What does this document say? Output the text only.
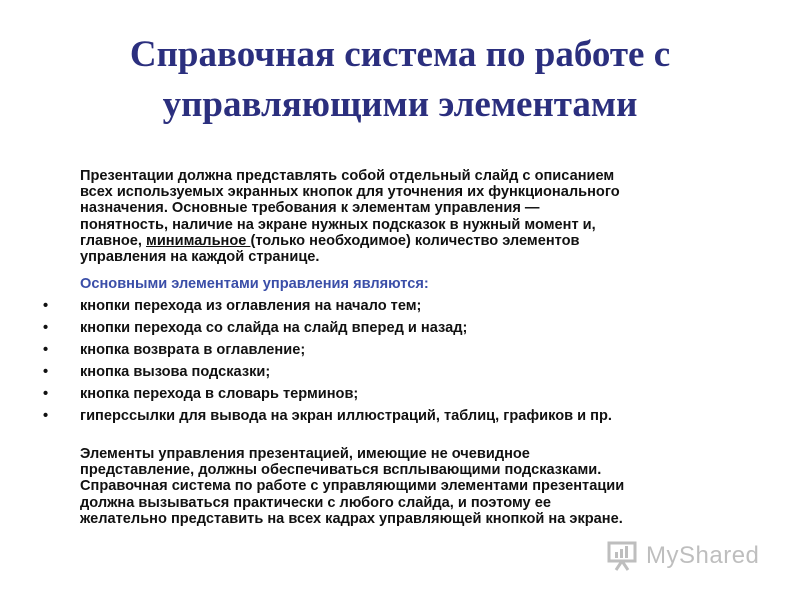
Справочная система по работе с
управляющими элементами
Презентации должна представлять собой отдельный слайд с описанием
всех используемых экранных кнопок для уточнения их функционального
назначения. Основные требования к элементам управления —
понятность, наличие на экране нужных подсказок в нужный момент и,
главное, минимальное (только необходимое) количество элементов
управления на каждой странице.
Основными элементами управления являются:
• кнопки перехода из оглавления на начало тем;
• кнопки перехода со слайда на слайд вперед и назад;
• кнопка возврата в оглавление;
• кнопка вызова подсказки;
• кнопка перехода в словарь терминов;
• гиперссылки для вывода на экран иллюстраций, таблиц, графиков и пр.
Элементы управления презентацией, имеющие не очевидное
представление, должны обеспечиваться всплывающими подсказками.
Справочная система по работе с управляющими элементами презентации
должна вызываться практически с любого слайда, и поэтому ее
желательно представить на всех кадрах управляющей кнопкой на экране.
MyShared
